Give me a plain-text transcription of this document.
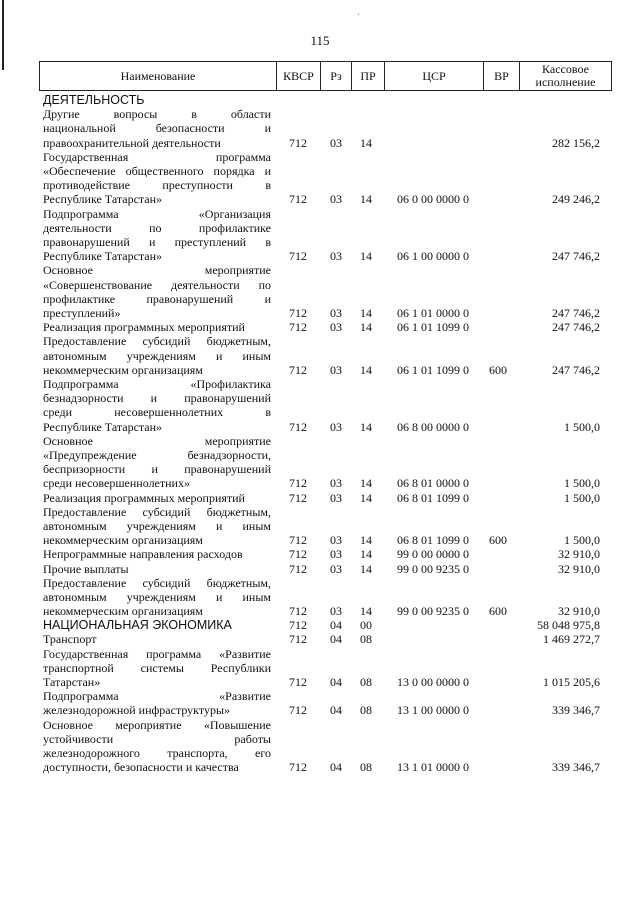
·
115
Наименование	КВСР	Рз	ПР	ЦСР	ВР	Кассовое исполнение
ДЕЯТЕЛЬНОСТЬ
Другие вопросы в области
национальной безопасности и
правоохранительной деятельности	712	03	14	282 156,2
Государственная программа
«Обеспечение общественного порядка и
противодействие преступности в
Республике Татарстан»	712	03	14	06 0 00 0000 0	249 246,2
Подпрограмма «Организация
деятельности по профилактике
правонарушений и преступлений в
Республике Татарстан»	712	03	14	06 1 00 0000 0	247 746,2
Основное мероприятие
«Совершенствование деятельности по
профилактике правонарушений и
преступлений»	712	03	14	06 1 01 0000 0	247 746,2
Реализация программных мероприятий	712	03	14	06 1 01 1099 0	247 746,2
Предоставление субсидий бюджетным,
автономным учреждениям и иным
некоммерческим организациям	712	03	14	06 1 01 1099 0	600	247 746,2
Подпрограмма «Профилактика
безнадзорности и правонарушений
среди несовершеннолетних в
Республике Татарстан»	712	03	14	06 8 00 0000 0	1 500,0
Основное мероприятие
«Предупреждение безнадзорности,
беспризорности и правонарушений
среди несовершеннолетних»	712	03	14	06 8 01 0000 0	1 500,0
Реализация программных мероприятий	712	03	14	06 8 01 1099 0	1 500,0
Предоставление субсидий бюджетным,
автономным учреждениям и иным
некоммерческим организациям	712	03	14	06 8 01 1099 0	600	1 500,0
Непрограммные направления расходов	712	03	14	99 0 00 0000 0	32 910,0
Прочие выплаты	712	03	14	99 0 00 9235 0	32 910,0
Предоставление субсидий бюджетным,
автономным учреждениям и иным
некоммерческим организациям	712	03	14	99 0 00 9235 0	600	32 910,0
НАЦИОНАЛЬНАЯ ЭКОНОМИКА	712	04	00	58 048 975,8
Транспорт	712	04	08	1 469 272,7
Государственная программа «Развитие
транспортной системы Республики
Татарстан»	712	04	08	13 0 00 0000 0	1 015 205,6
Подпрограмма «Развитие
железнодорожной инфраструктуры»	712	04	08	13 1 00 0000 0	339 346,7
Основное мероприятие «Повышение
устойчивости работы
железнодорожного транспорта, его
доступности, безопасности и качества	712	04	08	13 1 01 0000 0	339 346,7
